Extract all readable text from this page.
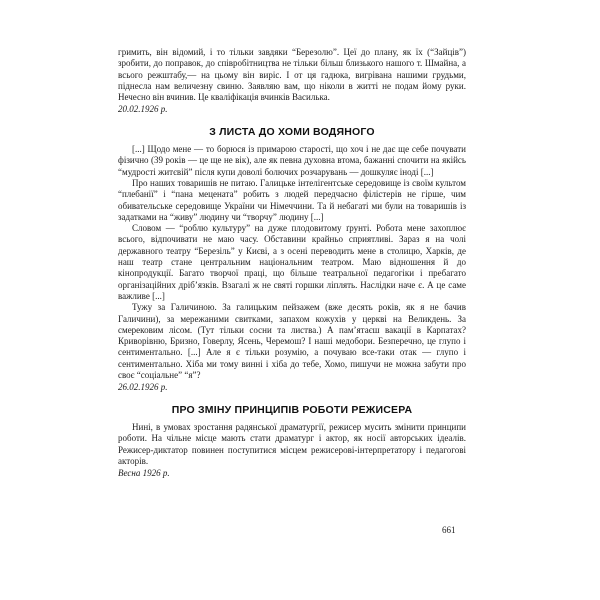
гримить, він відомий, і то тільки завдяки “Березолю”. Цеї до плану, як їх (“Зайців”) зробити, до поправок, до співробітництва не тільки більш близького нашого т. Шмайна, а всього режштабу,— на цьому він виріс. І от ця гадюка, вигрівана нашими грудьми, піднесла нам величезну свиню. Заявляю вам, що ніколи в житті не подам йому руки. Нечесно він вчинив. Це кваліфікація вчинків Василька.

20.02.1926 р.

З ЛИСТА ДО ХОМИ ВОДЯНОГО

[...] Щодо мене — то борюся із примарою старості, що хоч і не дає ще себе почувати фізично (39 років — це ще не вік), але як певна духовна втома, бажанні спочити на якійсь “мудрості житєвій” після купи доволі болючих розчарувань — дошкуляє іноді [...]

Про наших товаришів не питаю. Галицьке інтелігентське середовище із своїм культом “плебанії” і “пана мецената” робить з людей передчасно філістерів не гірше, чим обивательське середовище України чи Німеччини. Та й небагаті ми були на товаришів із задатками на “живу” людину чи “творчу” людину [...]

Словом — “роблю культуру” на дуже плодовитому ґрунті. Робота мене захоплює всього, відпочивати не маю часу. Обставини крайньо сприятливі. Зараз я на чолі державного театру “Березіль” у Києві, а з осені переводить мене в столицю, Харків, де наш театр стане центральним національним театром. Маю відношення й до кінопродукції. Багато творчої праці, що більше театральної педагогіки і пребагато організаційних дріб’язків. Взагалі ж не святі горшки ліплять. Наслідки наче є. А це саме важливе [...]

Тужу за Галичиною. За галицьким пейзажем (вже десять років, як я не бачив Галичини), за мережаними свитками, запахом кожухів у церкві на Великдень. За смерековим лісом. (Тут тільки сосни та листва.) А пам’ятаєш вакації в Карпатах? Криворівню, Бризно, Говерлу, Ясень, Черемош? І наші медобори. Безперечно, це глупо і сентиментально. [...] Але я є тільки розумію, а почуваю все-таки отак — глупо і сентиментально. Хіба ми тому винні і хіба до тебе, Хомо, пишучи не можна забути про своє “соціальне” “я”?

26.02.1926 р.

ПРО ЗМІНУ ПРИНЦИПІВ РОБОТИ РЕЖИСЕРА

Нині, в умовах зростання радянської драматургії, режисер мусить змінити принципи роботи. На чільне місце мають стати драматург і актор, як носії авторських ідеалів. Режисер-диктатор повинен поступитися місцем режисерові-інтерпретатору і педагогові акторів.

Весна 1926 р.

661
